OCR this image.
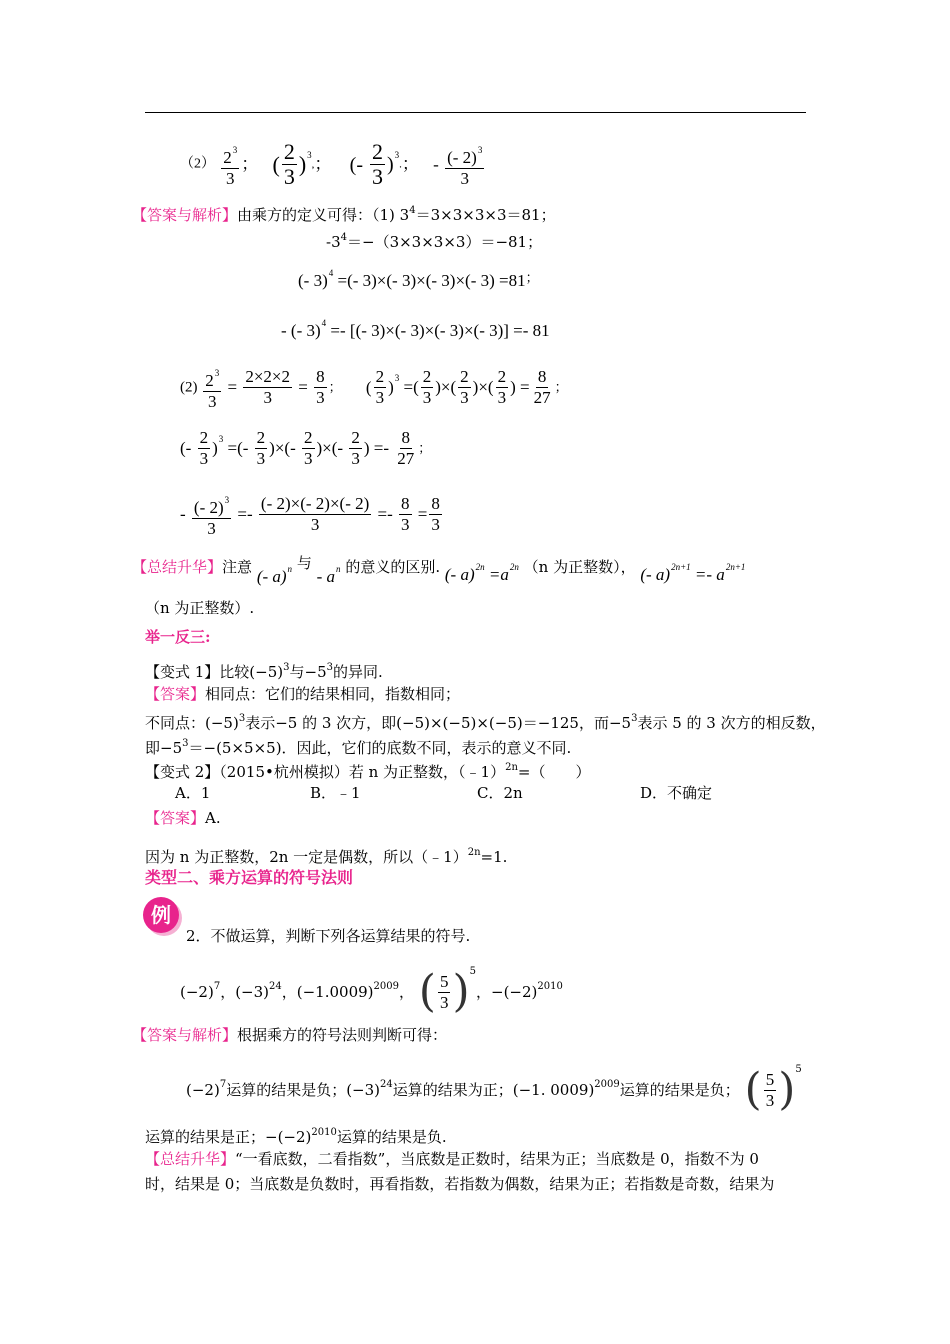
$(2) \frac{2^3}{3}$ ； ( $\frac{2}{3} )^3$,； (- $\frac{2}{3} )^3$.； - $\frac{(- 2)^3}{3}$
【答案与解析】由乘方的定义可得：（1) $3^4=3\times 3\times 3\times 3=81$；
$-3^4=-(3\times 3\times 3\times 3)=-81$；
(- 3)$^4$ =(- 3)×(- 3)×(- 3)×(- 3) =81；
- (- 3)$^4$ =- [(- 3)×(- 3)×(- 3)×(- 3)] =- 81
$(2) \frac{2^3}{3} = \frac{2\times 2\times 2}{3} = \frac{8}{3}$ ； ( $\frac{2}{3} )^3$ =( $\frac{2}{3}$ )×( $\frac{2}{3}$ )×( $\frac{2}{3}$ ) = $\frac{8}{27}$ ；
(- $\frac{2}{3} )^3$ =(- $\frac{2}{3}$ )×(- $\frac{2}{3}$ )×(- $\frac{2}{3}$ ) =- $\frac{8}{27}$ ；
- $\frac{(- 2)^3}{3} =- \frac{(- 2)\times(- 2)\times(- 2)}{3} =- \frac{8}{3} = \frac{8}{3}$
【总结升华】注意 (- a)$^n$ 与 - $a^n$ 的意义的区别. (- $a)^{2n} =a^{2n}$ （n 为正整数）， (- $a)^{2n+1} =- a^{2n+1}$
（n 为正整数）.
举一反三:
【变式 1】比较$(-5)^3$与$-5^3$的异同.
【答案】相同点：它们的结果相同，指数相同；
不同点：$(-5)^3$表示−5 的 3 次方，即(−5)×(−5)×(−5)＝−125，而$-5^3$表示 5 的 3 次方的相反数，
即$-5^3=-(5\times 5\times 5)$．因此，它们的底数不同，表示的意义不同.
【变式 2】（2015•杭州模拟）若 n 为正整数，（﹣1）$^{2n}$=（　　）
A．1	B．﹣1	C．2n	D．不确定
【答案】A.
因为 n 为正整数，2n 一定是偶数，所以（﹣1）$^{2n}$=1.
类型二、乘方运算的符号法则
例
2．不做运算，判断下列各运算结果的符号.
$(-2)^7$，$(-3)^{24}$，$(-1.0009)^{2009}$， ( $\frac{5}{3} )^5$，$-(-2)^{2010}$
【答案与解析】根据乘方的符号法则判断可得：
$(-2)^7$运算的结果是负；$(-3)^{24}$运算的结果为正；(−1. 0009)$^{2009}$运算的结果是负； ( $\frac{5}{3} )^5$
运算的结果是正；$-(-2)^{2010}$运算的结果是负.
【总结升华】“一看底数，二看指数”，当底数是正数时，结果为正；当底数是 0，指数不为 0
时，结果是 0；当底数是负数时，再看指数，若指数为偶数，结果为正；若指数是奇数，结果为
